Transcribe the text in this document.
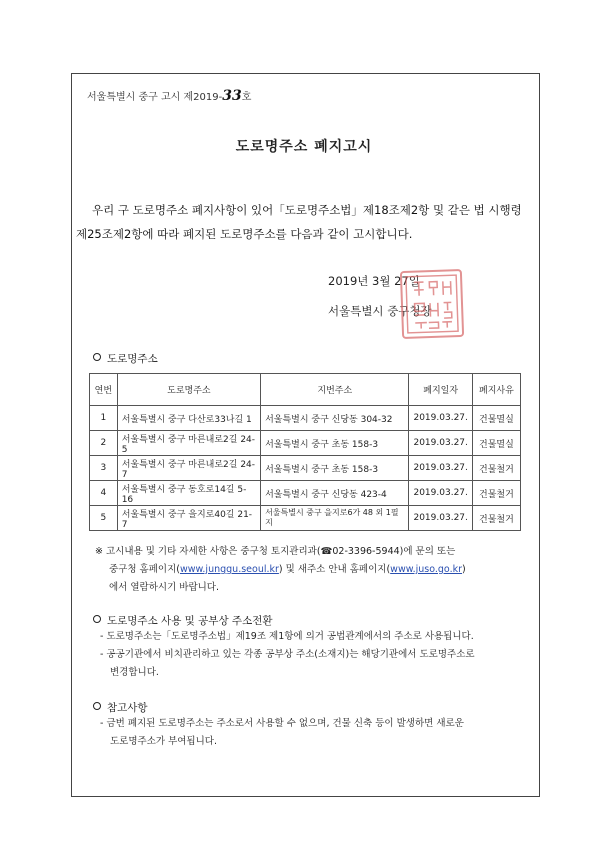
서울특별시 중구 고시 제2019-33호
도로명주소 폐지고시

우리 구 도로명주소 폐지사항이 있어「도로명주소법」제18조제2항 및 같은 법 시행령

제25조제2항에 따라 폐지된 도로명주소를 다음과 같이 고시합니다.

2019년 3월 27일
서울특별시 중구청장
도로명주소
연번	도로명주소	지번주소	폐지일자	폐지사유
1	서울특별시 중구 다산로33나길 1	서울특별시 중구 신당동 304-32	2019.03.27.	건물멸실
2	서울특별시 중구 마른내로2길 24-5	서울특별시 중구 초동 158-3	2019.03.27.	건물멸실
3	서울특별시 중구 마른내로2길 24-7	서울특별시 중구 초동 158-3	2019.03.27.	건물철거
4	서울특별시 중구 동호로14길 5-16	서울특별시 중구 신당동 423-4	2019.03.27.	건물철거
5	서울특별시 중구 을지로40길 21-7	서울특별시 중구 을지로6가 48 외 1필지	2019.03.27.	건물철거
※ 고시내용 및 기타 자세한 사항은 중구청 토지관리과(☎02-3396-5944)에 문의 또는
중구청 홈페이지(www.junggu.seoul.kr) 및 새주소 안내 홈페이지(www.juso.go.kr)
에서 열람하시기 바랍니다.
도로명주소 사용 및 공부상 주소전환
- 도로명주소는「도로명주소법」제19조 제1항에 의거 공법관계에서의 주소로 사용됩니다.
- 공공기관에서 비치관리하고 있는 각종 공부상 주소(소재지)는 해당기관에서 도로명주소로
변경합니다.
참고사항
- 금번 폐지된 도로명주소는 주소로서 사용할 수 없으며, 건물 신축 등이 발생하면 새로운
도로명주소가 부여됩니다.
